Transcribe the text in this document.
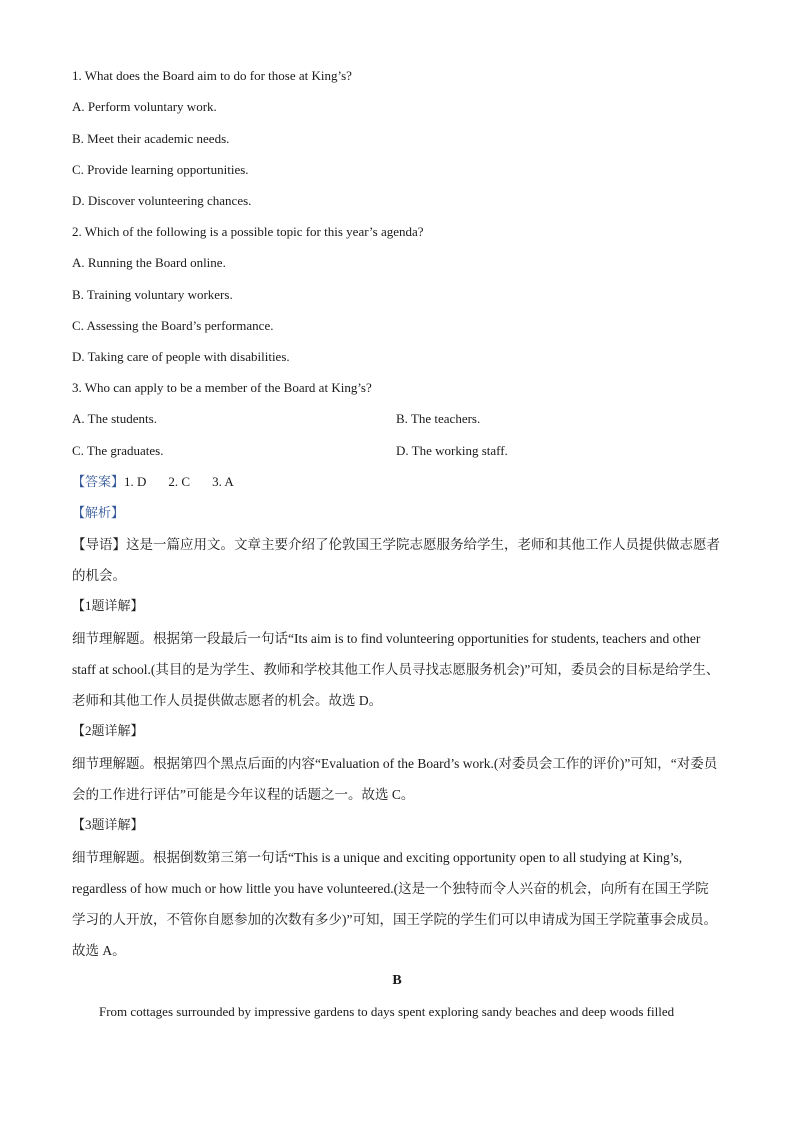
1. What does the Board aim to do for those at King’s?
A. Perform voluntary work.
B. Meet their academic needs.
C. Provide learning opportunities.
D. Discover volunteering chances.
2. Which of the following is a possible topic for this year’s agenda?
A. Running the Board online.
B. Training voluntary workers.
C. Assessing the Board’s performance.
D. Taking care of people with disabilities.
3. Who can apply to be a member of the Board at King’s?
A. The students.	B. The teachers.
C. The graduates.	D. The working staff.
【答案】1. D 2. C 3. A
【解析】
【导语】这是一篇应用文。文章主要介绍了伦敦国王学院志愿服务给学生，老师和其他工作人员提供做志愿者的机会。
【1题详解】
细节理解题。根据第一段最后一句话“Its aim is to find volunteering opportunities for students, teachers and other staff at school.(其目的是为学生、教师和学校其他工作人员寻找志愿服务机会)”可知，委员会的目标是给学生、老师和其他工作人员提供做志愿者的机会。故选 D。
【2题详解】
细节理解题。根据第四个黑点后面的内容“Evaluation of the Board’s work.(对委员会工作的评价)”可知，“对委员会的工作进行评估”可能是今年议程的话题之一。故选 C。
【3题详解】
细节理解题。根据倒数第三第一句话“This is a unique and exciting opportunity open to all studying at King’s, regardless of how much or how little you have volunteered.(这是一个独特而令人兴奋的机会，向所有在国王学院学习的人开放，不管你自愿参加的次数有多少)”可知，国王学院的学生们可以申请成为国王学院董事会成员。故选 A。
B
From cottages surrounded by impressive gardens to days spent exploring sandy beaches and deep woods filled
